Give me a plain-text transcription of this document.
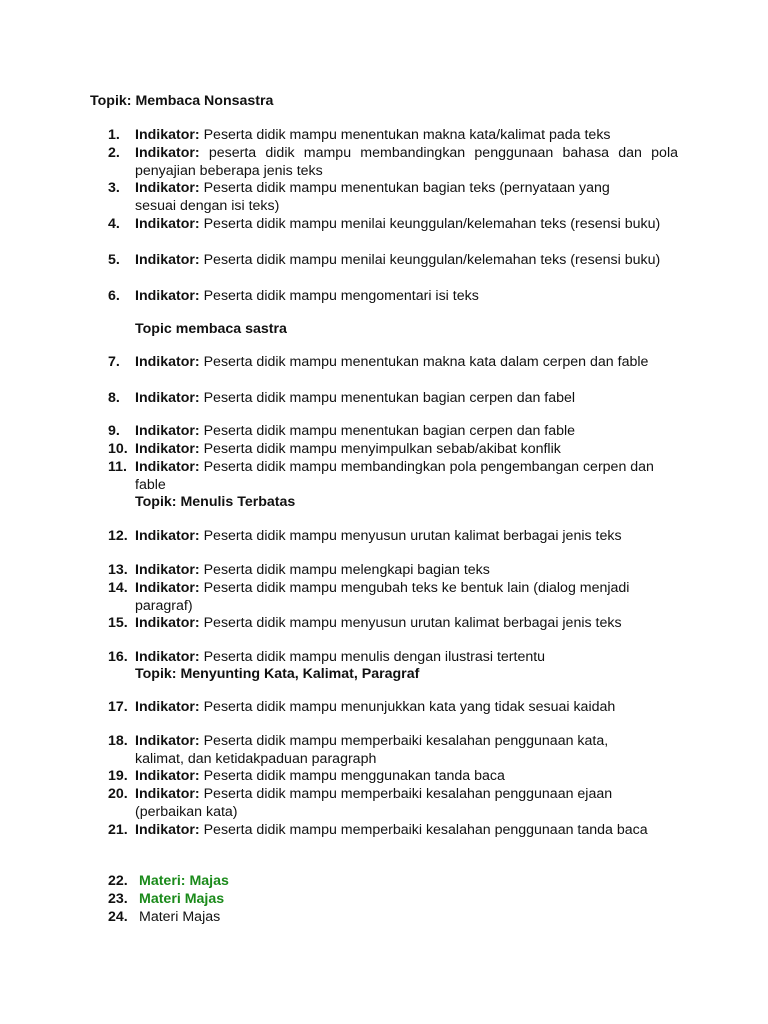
Topik: Membaca Nonsastra
1. Indikator: Peserta didik mampu menentukan makna kata/kalimat pada teks
2. Indikator: peserta didik mampu membandingkan penggunaan bahasa dan pola penyajian beberapa jenis teks
3. Indikator: Peserta didik mampu menentukan bagian teks (pernyataan yang sesuai dengan isi teks)
4. Indikator: Peserta didik mampu menilai keunggulan/kelemahan teks (resensi buku)
5. Indikator: Peserta didik mampu menilai keunggulan/kelemahan teks (resensi buku)
6. Indikator: Peserta didik mampu mengomentari isi teks
Topic membaca sastra
7. Indikator: Peserta didik mampu menentukan makna kata dalam cerpen dan fable
8. Indikator: Peserta didik mampu menentukan bagian cerpen dan fabel
9. Indikator: Peserta didik mampu menentukan bagian cerpen dan fable
10. Indikator: Peserta didik mampu menyimpulkan sebab/akibat konflik
11. Indikator: Peserta didik mampu membandingkan pola pengembangan cerpen dan fable
Topik: Menulis Terbatas
12. Indikator: Peserta didik mampu menyusun urutan kalimat berbagai jenis teks
13. Indikator: Peserta didik mampu melengkapi bagian teks
14. Indikator: Peserta didik mampu mengubah teks ke bentuk lain (dialog menjadi paragraf)
15. Indikator: Peserta didik mampu menyusun urutan kalimat berbagai jenis teks
16. Indikator: Peserta didik mampu menulis dengan ilustrasi tertentu
Topik: Menyunting Kata, Kalimat, Paragraf
17. Indikator: Peserta didik mampu menunjukkan kata yang tidak sesuai kaidah
18. Indikator: Peserta didik mampu memperbaiki kesalahan penggunaan kata, kalimat, dan ketidakpaduan paragraph
19. Indikator: Peserta didik mampu menggunakan tanda baca
20. Indikator: Peserta didik mampu memperbaiki kesalahan penggunaan ejaan (perbaikan kata)
21. Indikator: Peserta didik mampu memperbaiki kesalahan penggunaan tanda baca
22. Materi: Majas
23. Materi Majas
24. Materi Majas
